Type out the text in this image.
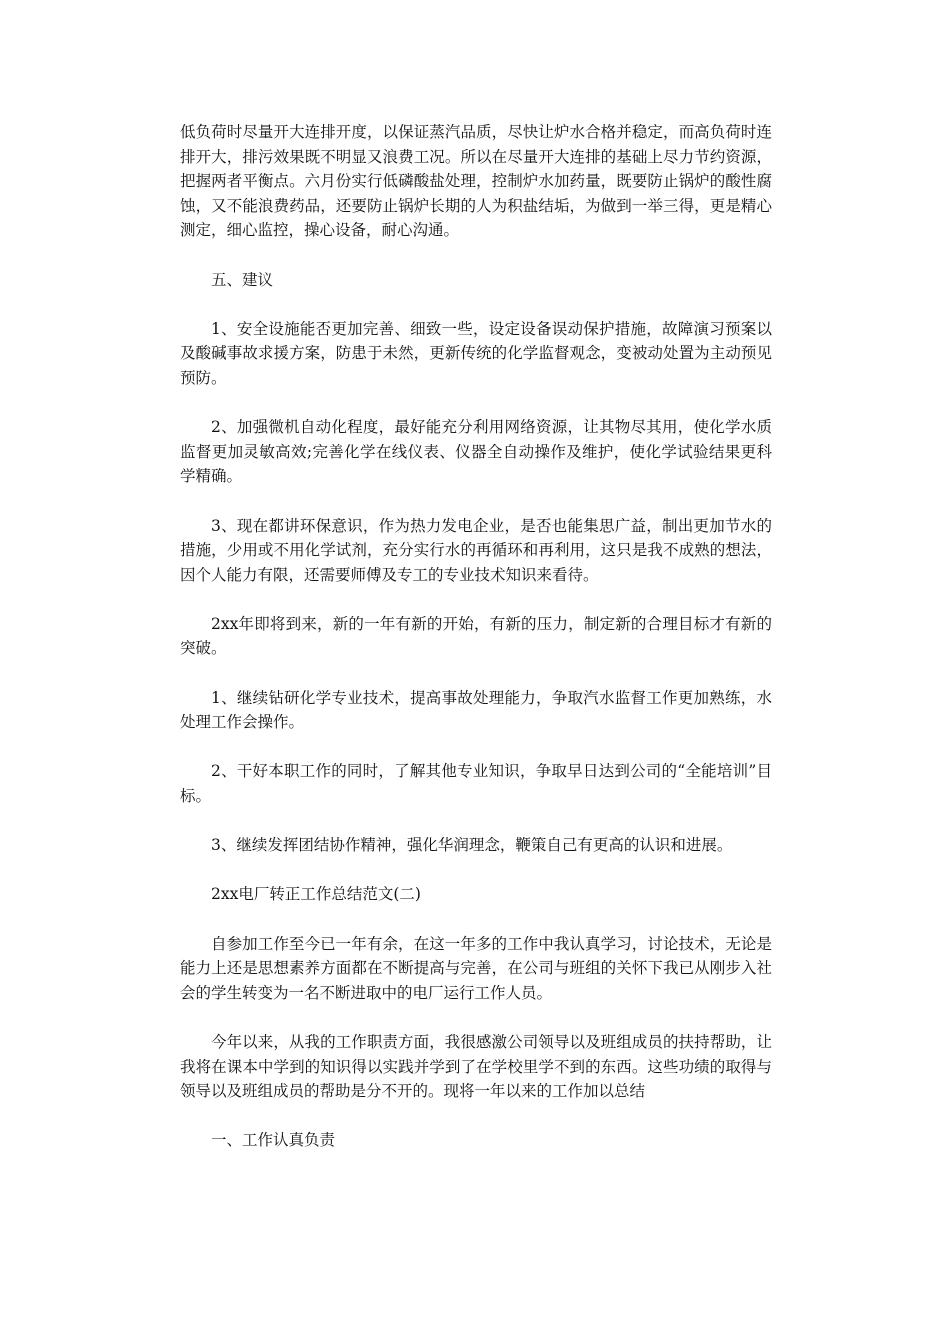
低负荷时尽量开大连排开度，以保证蒸汽品质，尽快让炉水合格并稳定，而高负荷时连排开大，排污效果既不明显又浪费工况。所以在尽量开大连排的基础上尽力节约资源，把握两者平衡点。六月份实行低磷酸盐处理，控制炉水加药量，既要防止锅炉的酸性腐蚀，又不能浪费药品，还要防止锅炉长期的人为积盐结垢，为做到一举三得，更是精心测定，细心监控，操心设备，耐心沟通。

五、建议

1、安全设施能否更加完善、细致一些，设定设备误动保护措施，故障演习预案以及酸碱事故求援方案，防患于未然，更新传统的化学监督观念，变被动处置为主动预见预防。

2、加强微机自动化程度，最好能充分利用网络资源，让其物尽其用，使化学水质监督更加灵敏高效;完善化学在线仪表、仪器全自动操作及维护，使化学试验结果更科学精确。

3、现在都讲环保意识，作为热力发电企业，是否也能集思广益，制出更加节水的措施，少用或不用化学试剂，充分实行水的再循环和再利用，这只是我不成熟的想法，因个人能力有限，还需要师傅及专工的专业技术知识来看待。

2xx年即将到来，新的一年有新的开始，有新的压力，制定新的合理目标才有新的突破。

1、继续钻研化学专业技术，提高事故处理能力，争取汽水监督工作更加熟练，水处理工作会操作。

2、干好本职工作的同时，了解其他专业知识，争取早日达到公司的“全能培训”目标。

3、继续发挥团结协作精神，强化华润理念，鞭策自己有更高的认识和进展。

2xx电厂转正工作总结范文(二)

自参加工作至今已一年有余，在这一年多的工作中我认真学习，讨论技术，无论是能力上还是思想素养方面都在不断提高与完善，在公司与班组的关怀下我已从刚步入社会的学生转变为一名不断进取中的电厂运行工作人员。

今年以来，从我的工作职责方面，我很感激公司领导以及班组成员的扶持帮助，让我将在课本中学到的知识得以实践并学到了在学校里学不到的东西。这些功绩的取得与领导以及班组成员的帮助是分不开的。现将一年以来的工作加以总结

一、工作认真负责
